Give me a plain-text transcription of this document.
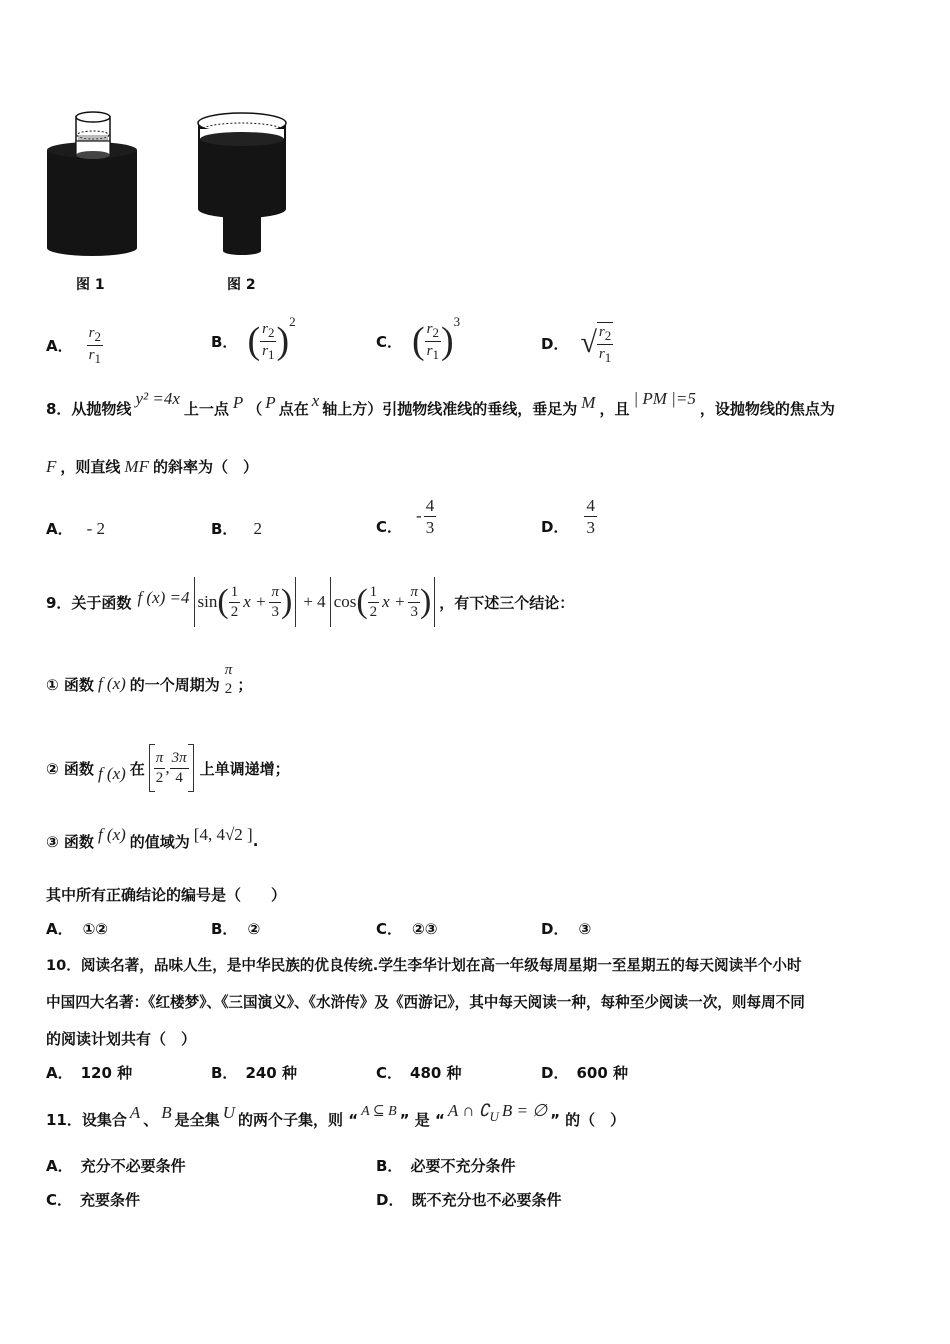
图 1	图 2
A． $\frac{r_2}{r_1}$	B． ( $\frac{r_2}{r_1}$ ) 2
C． ( $\frac{r_2}{r_1}$ ) 3
D． √ $\frac{r_2}{r_1}$
8．从抛物线
y² =4x
上一点 P （ P 点在 x 轴上方）引抛物线准线的垂线，垂足为 M ，且
| PM |=5
，设抛物线的焦点为
F ，则直线 MF 的斜率为（　）
A． - 2	B． 2	C．
- $\frac{4}{3}$	D． $\frac{4}{3}$
9．关于函数 f (x) =4 sin ( $\frac{1}{2}$ $x + \frac{\pi}{3}$ ) + 4 cos ( $\frac{1}{2}$ $x + \frac{\pi}{3}$ ) ，有下述三个结论：
① 函数 f (x) 的一个周期为
π
2 ；
② 函数 f (x) 在 $\frac{\pi}{2}$ , $\frac{3\pi}{4}$ 上单调递增；
③ 函数 f (x) 的值域为 [4, 4√2 ] .
其中所有正确结论的编号是（　　）
A． ①②	B． ②	C． ②③	D． ③
10．阅读名著，品味人生，是中华民族的优良传统.学生李华计划在高一年级每周星期一至星期五的每天阅读半个小时
中国四大名著：《红楼梦》、《三国演义》、《水浒传》及《西游记》，其中每天阅读一种，每种至少阅读一次，则每周不同
的阅读计划共有（　）
A． 120 种	B． 240 种	C． 480 种	D． 600 种
11．设集合 A 、 B 是全集 U 的两个子集，则 “ A ⊆ B ” 是 “ A ∩ $∁_U$ B = ∅ ” 的（　）
A． 充分不必要条件	B． 必要不充分条件
C． 充要条件	D． 既不充分也不必要条件
